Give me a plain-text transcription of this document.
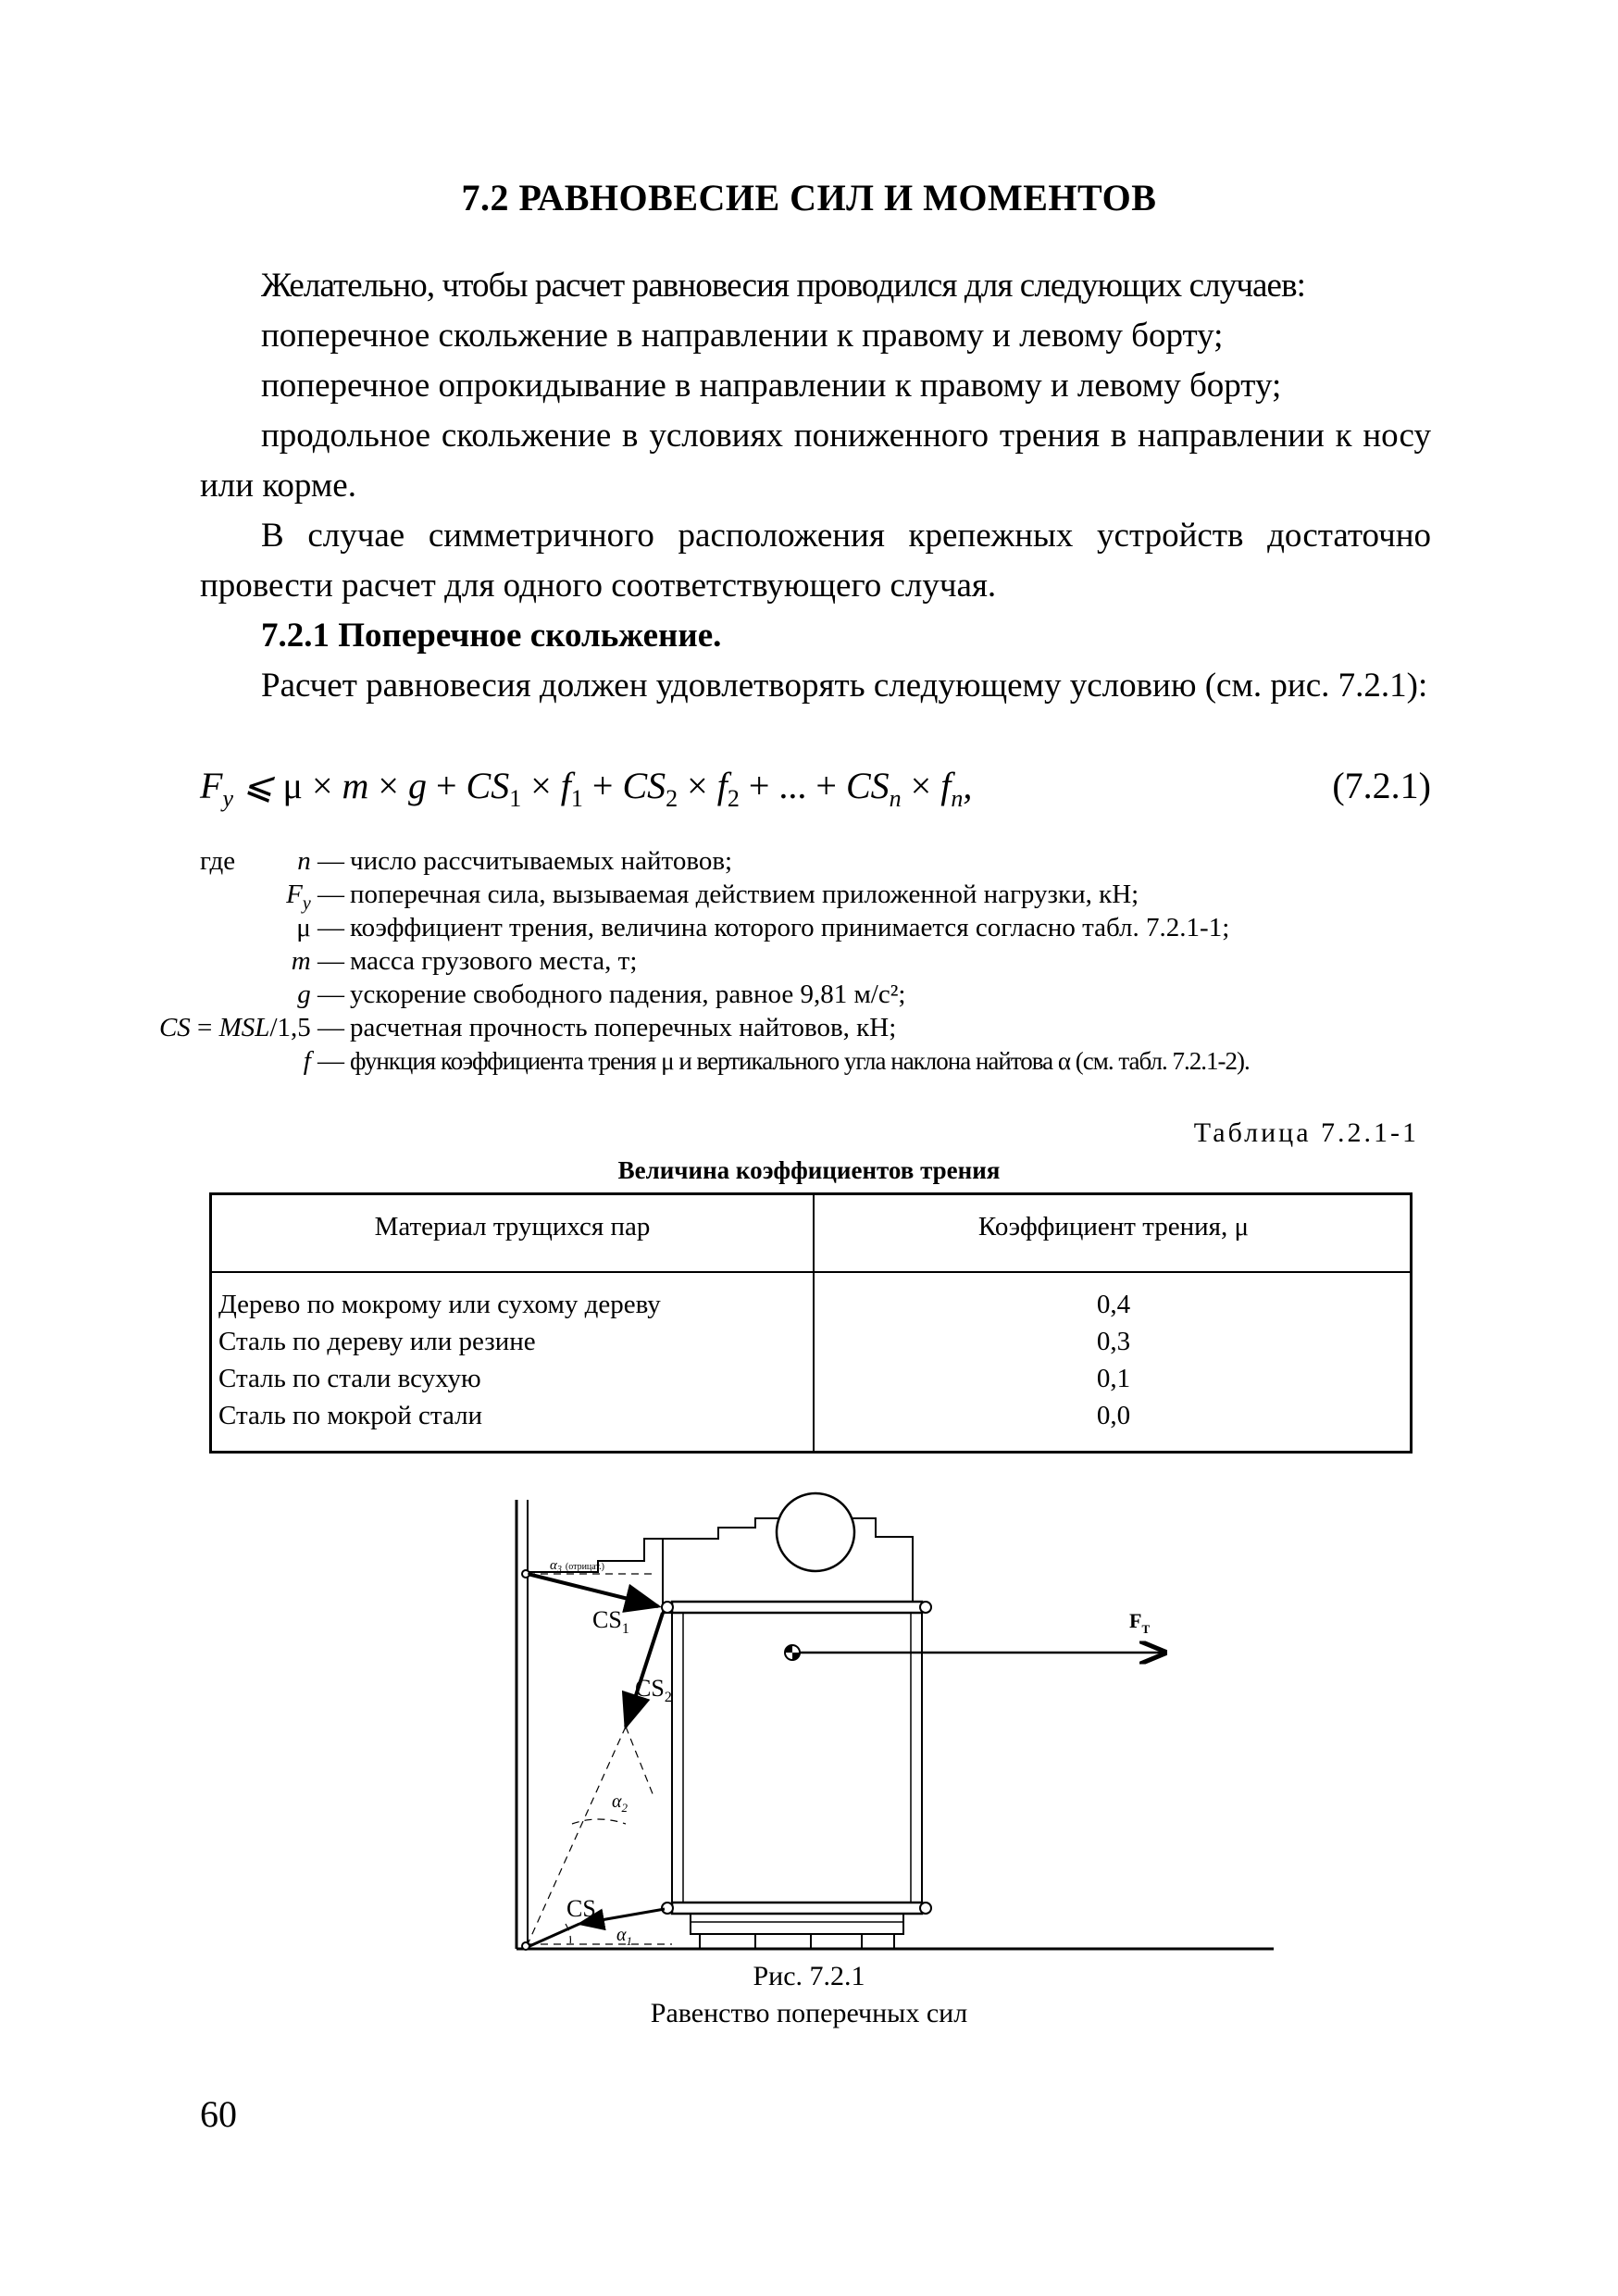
7.2 РАВНОВЕСИЕ СИЛ И МОМЕНТОВ

Желательно, чтобы расчет равновесия проводился для следующих случаев:

поперечное скольжение в направлении к правому и левому борту;

поперечное опрокидывание в направлении к правому и левому борту;

продольное скольжение в условиях пониженного трения в направлении к носу или корме.

В случае симметричного расположения крепежных устройств достаточно провести расчет для одного соответствующего случая.

7.2.1 Поперечное скольжение.

Расчет равновесия должен удовлетворять следующему условию (см. рис. 7.2.1):

$F_y$ ⩽ $\mu \times m \times g + CS_1 \times f_1 + CS_2 \times f_2$ + ... + $CS_n \times f_n$,	(7.2.1)
где n — число рассчитываемых найтовов;
$F_y$ — поперечная сила, вызываемая действием приложенной нагрузки, кН;
μ — коэффициент трения, величина которого принимается согласно табл. 7.2.1-1;
m — масса грузового места, т;
g — ускорение свободного падения, равное 9,81 м/с²;
CS = MSL/1,5 — расчетная прочность поперечных найтовов, кН;
f — функция коэффициента трения μ и вертикального угла наклона найтова α (см. табл. 7.2.1-2).
Таблица 7.2.1-1
Величина коэффициентов трения
Материал трущихся пар	Коэффициент трения, μ
Дерево по мокрому или сухому дереву
Сталь по дереву или резине
Сталь по стали всухую
Сталь по мокрой стали
0,4
0,3
0,1
0,0
$\alpha_3$ $^{(отрицат.)}$
$CS_1$
$CS_2$
$\alpha_2$
$CS_1$
$\alpha_1$
$F_T$
Рис. 7.2.1
Равенство поперечных сил
60
